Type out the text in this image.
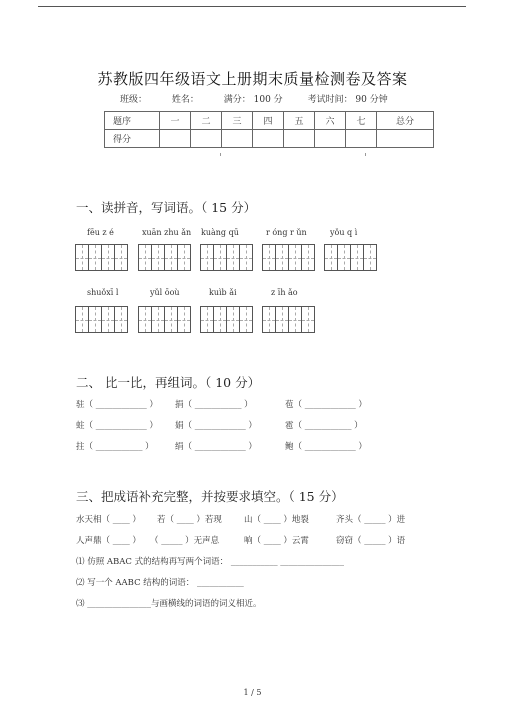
苏教版四年级语文上册期末质量检测卷及答案
班级：	姓名：	满分： 100 分	考试时间： 90 分钟
题序	一	二	三	四	五	六	七	总分
得分								
一、读拼音，写词语。（ 15 分）
fēu z é	xuān zhu ǎn kuàng qū	r óng r ǔn	yǒu q ì
shuǒxī l	yǔl ōoù	kuìb ǎi	z īh ǎo
二、 比一比，再组词。（ 10 分）
驻（ ____________ ） 捐（ ___________ ）	苞（ ____________ ）
蛀（ ____________ ） 娟（ ____________ ）	雹（ ___________ ）
拄（ ___________ ）	绢（ ____________ ）	鲍（ ____________ ）
三、把成语补充完整，并按要求填空。（ 15 分）
水天相（ ____ ） 若（ ____ ）若现	山（ ____ ）地裂	齐头（ _____ ）进
人声鼎（ ____ ） （ _____ ）无声息	响（ ____ ）云霄	窃窃（ _____ ）语
⑴ 仿照 ABAC 式的结构再写两个词语： ___________ _______________
⑵ 写一个 AABC 结构的词语： ___________
⑶ _______________与画横线的词语的词义相近。
1 / 5
